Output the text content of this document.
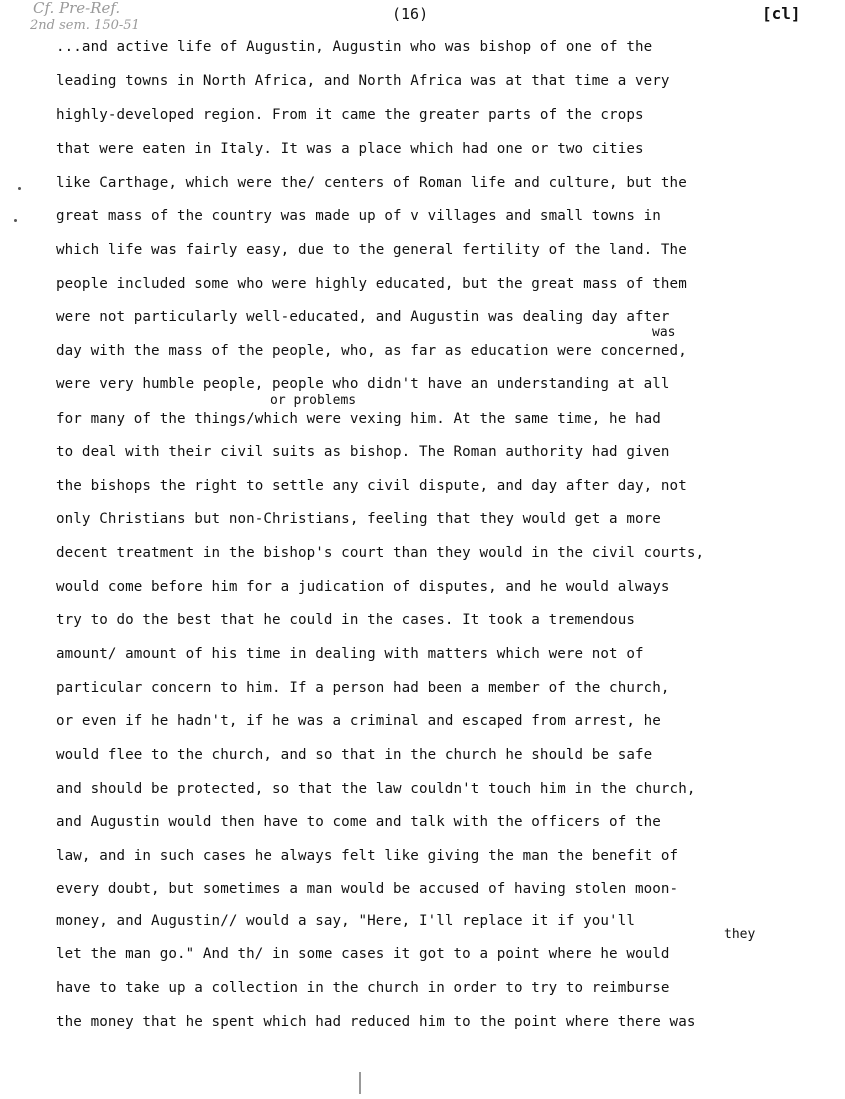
Cf. Pre-Ref.
2nd sem. 150-51
(16)	[cl]
was
or problems
they
...and active life of Augustin, Augustin who was bishop of one of the
leading towns in North Africa, and North Africa was at that time a very
highly-developed region. From it came the greater parts of the crops
that were eaten in Italy. It was a place which had one or two cities
like Carthage, which were the/ centers of Roman life and culture, but the
great mass of the country was made up of v villages and small towns in
which life was fairly easy, due to the general fertility of the land. The
people included some who were highly educated, but the great mass of them
were not particularly well-educated, and Augustin was dealing day after
day with the mass of the people, who, as far as education were concerned,
were very humble people, people who didn't have an understanding at all
for many of the things/which were vexing him. At the same time, he had
to deal with their civil suits as bishop. The Roman authority had given
the bishops the right to settle any civil dispute, and day after day, not
only Christians but non-Christians, feeling that they would get a more
decent treatment in the bishop's court than they would in the civil courts,
would come before him for a judication of disputes, and he would always
try to do the best that he could in the cases. It took a tremendous
amount/ amount of his time in dealing with matters which were not of
particular concern to him. If a person had been a member of the church,
or even if he hadn't, if he was a criminal and escaped from arrest, he
would flee to the church, and so that in the church he should be safe
and should be protected, so that the law couldn't touch him in the church,
and Augustin would then have to come and talk with the officers of the
law, and in such cases he always felt like giving the man the benefit of
every doubt, but sometimes a man would be accused of having stolen moon-
money, and Augustin// would a say, "Here, I'll replace it if you'll
let the man go." And th/ in some cases it got to a point where he would
have to take up a collection in the church in order to try to reimburse
the money that he spent which had reduced him to the point where there was
